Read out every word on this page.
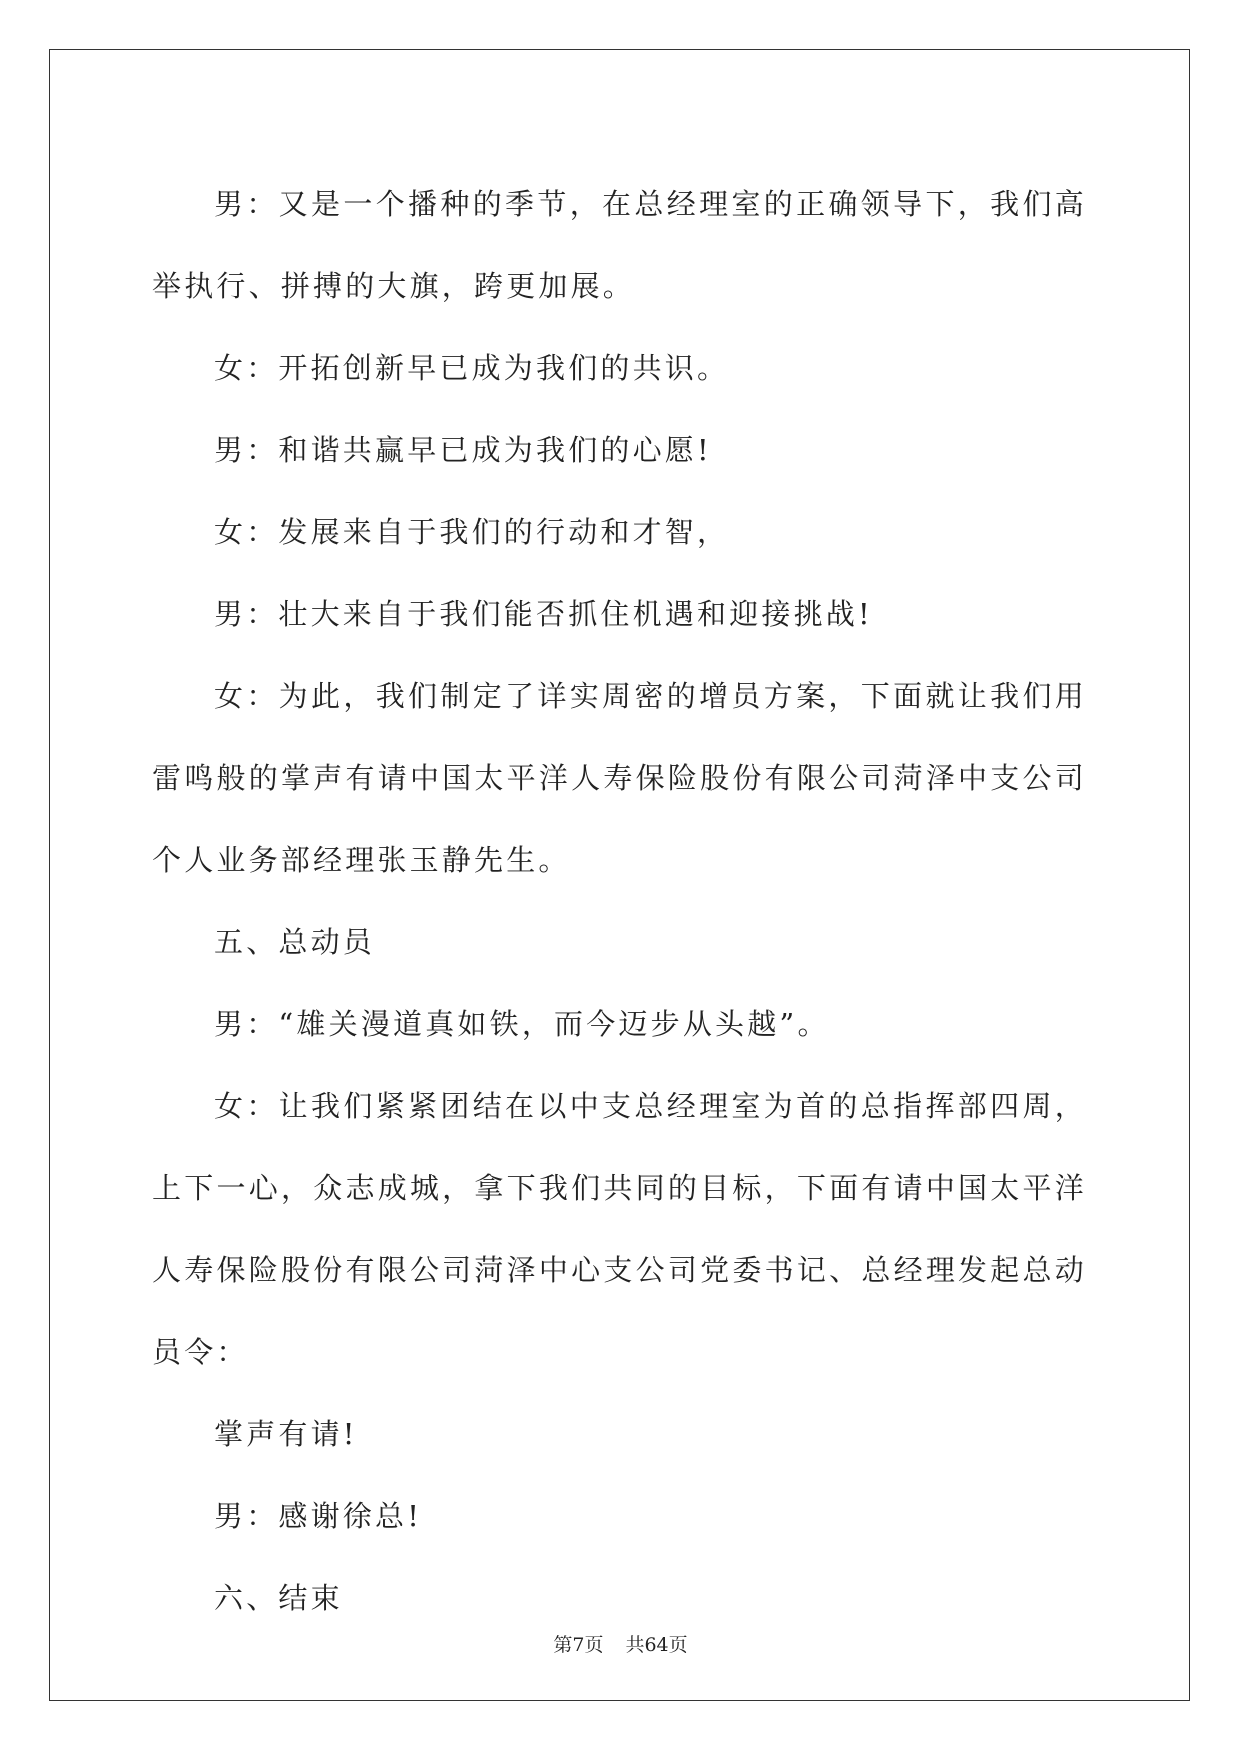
男：又是一个播种的季节，在总经理室的正确领导下，我们高举执行、拼搏的大旗，跨更加展。

女：开拓创新早已成为我们的共识。

男：和谐共赢早已成为我们的心愿!

女：发展来自于我们的行动和才智，

男：壮大来自于我们能否抓住机遇和迎接挑战!

女：为此，我们制定了详实周密的增员方案，下面就让我们用雷鸣般的掌声有请中国太平洋人寿保险股份有限公司菏泽中支公司个人业务部经理张玉静先生。

五、总动员

男：“雄关漫道真如铁，而今迈步从头越”。

女：让我们紧紧团结在以中支总经理室为首的总指挥部四周，上下一心，众志成城，拿下我们共同的目标，下面有请中国太平洋人寿保险股份有限公司菏泽中心支公司党委书记、总经理发起总动员令：

掌声有请!

男：感谢徐总!

六、结束

第7页 共64页
